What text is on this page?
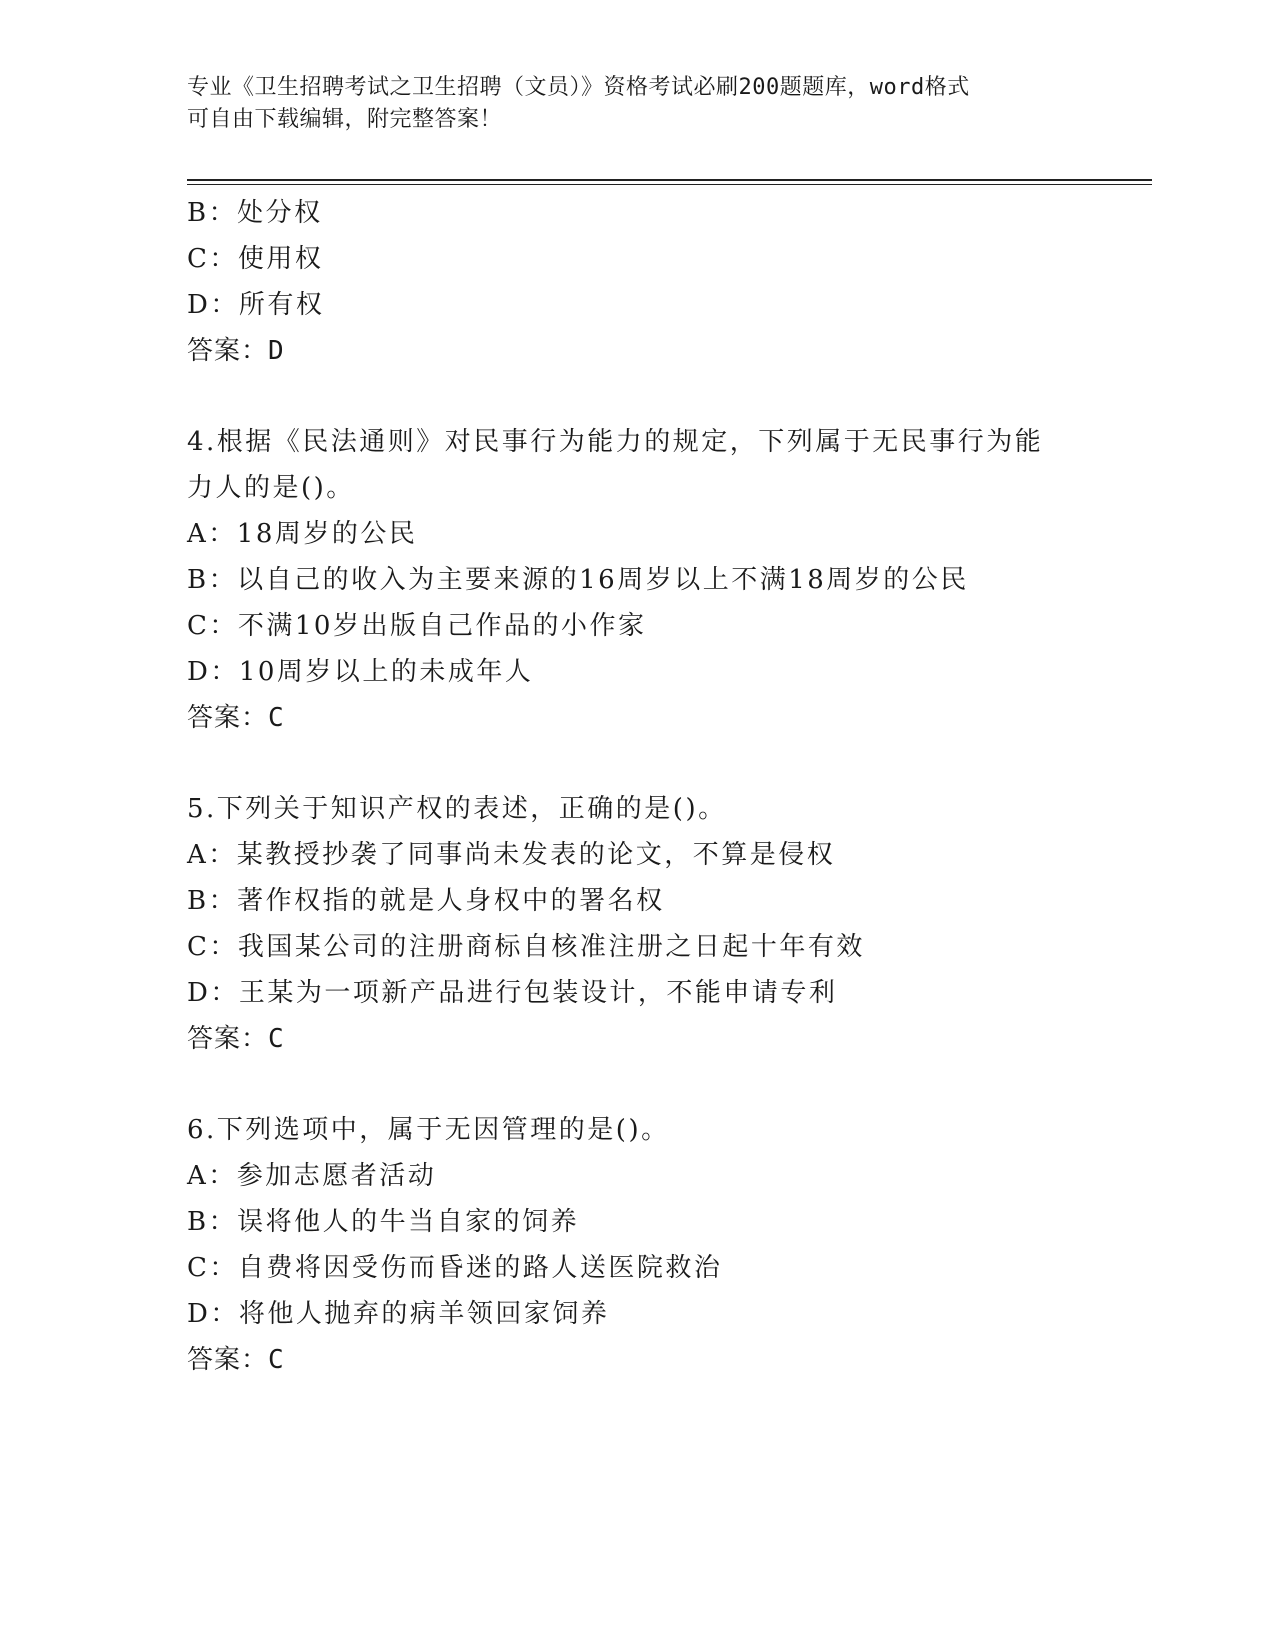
专业《卫生招聘考试之卫生招聘（文员）》资格考试必刷200题题库，word格式
可自由下载编辑，附完整答案！
B：处分权
C：使用权
D：所有权
答案：D
4.根据《民法通则》对民事行为能力的规定，下列属于无民事行为能
力人的是()。
A：18周岁的公民
B：以自己的收入为主要来源的16周岁以上不满18周岁的公民
C：不满10岁出版自己作品的小作家
D：10周岁以上的未成年人
答案：C
5.下列关于知识产权的表述，正确的是()。
A：某教授抄袭了同事尚未发表的论文，不算是侵权
B：著作权指的就是人身权中的署名权
C：我国某公司的注册商标自核准注册之日起十年有效
D：王某为一项新产品进行包装设计，不能申请专利
答案：C
6.下列选项中，属于无因管理的是()。
A：参加志愿者活动
B：误将他人的牛当自家的饲养
C：自费将因受伤而昏迷的路人送医院救治
D：将他人抛弃的病羊领回家饲养
答案：C
